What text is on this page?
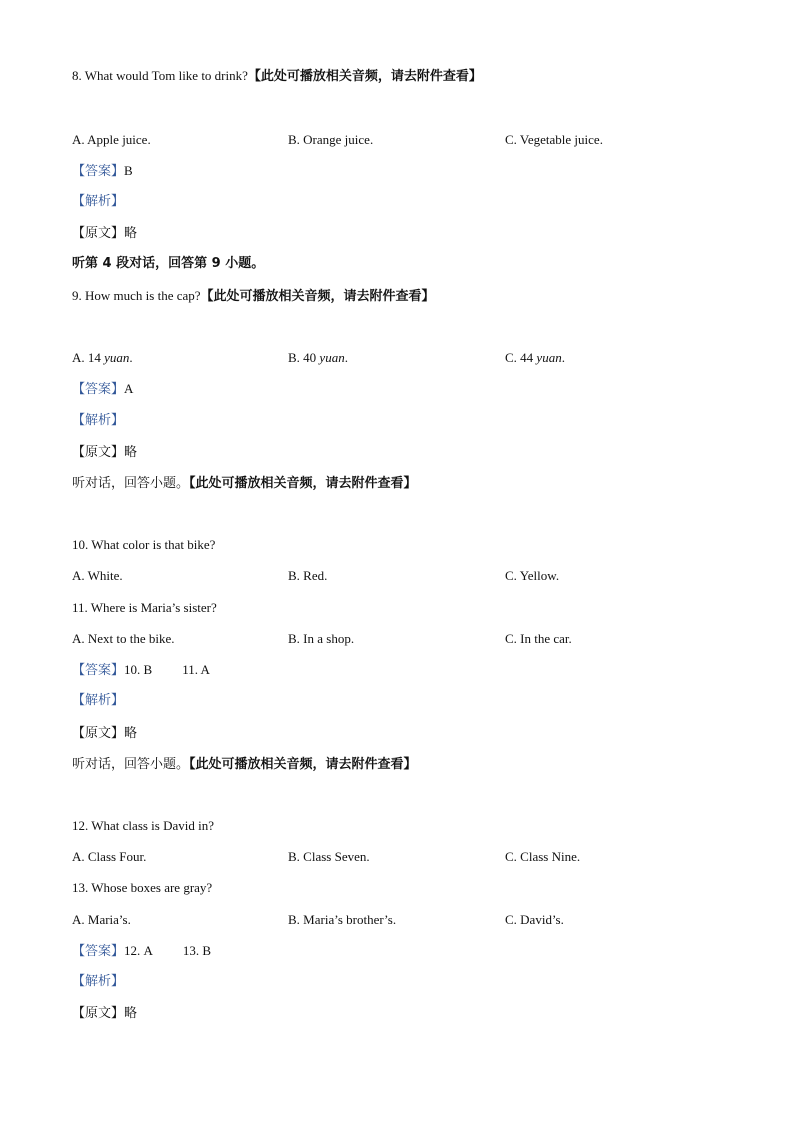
8. What would Tom like to drink?【此处可播放相关音频，请去附件查看】
A. Apple juice.	B. Orange juice.	C. Vegetable juice.
【答案】B
【解析】
【原文】略
听第 4 段对话，回答第 9 小题。
9. How much is the cap?【此处可播放相关音频，请去附件查看】
A. 14 yuan.	B. 40 yuan.	C. 44 yuan.
【答案】A
【解析】
【原文】略
听对话，回答小题。【此处可播放相关音频，请去附件查看】
10. What color is that bike?
A. White.	B. Red.	C. Yellow.
11. Where is Maria’s sister?
A. Next to the bike.	B. In a shop.	C. In the car.
【答案】10. B 11. A
【解析】
【原文】略
听对话，回答小题。【此处可播放相关音频，请去附件查看】
12. What class is David in?
A. Class Four.	B. Class Seven.	C. Class Nine.
13. Whose boxes are gray?
A. Maria’s.	B. Maria’s brother’s.	C. David’s.
【答案】12. A 13. B
【解析】
【原文】略
